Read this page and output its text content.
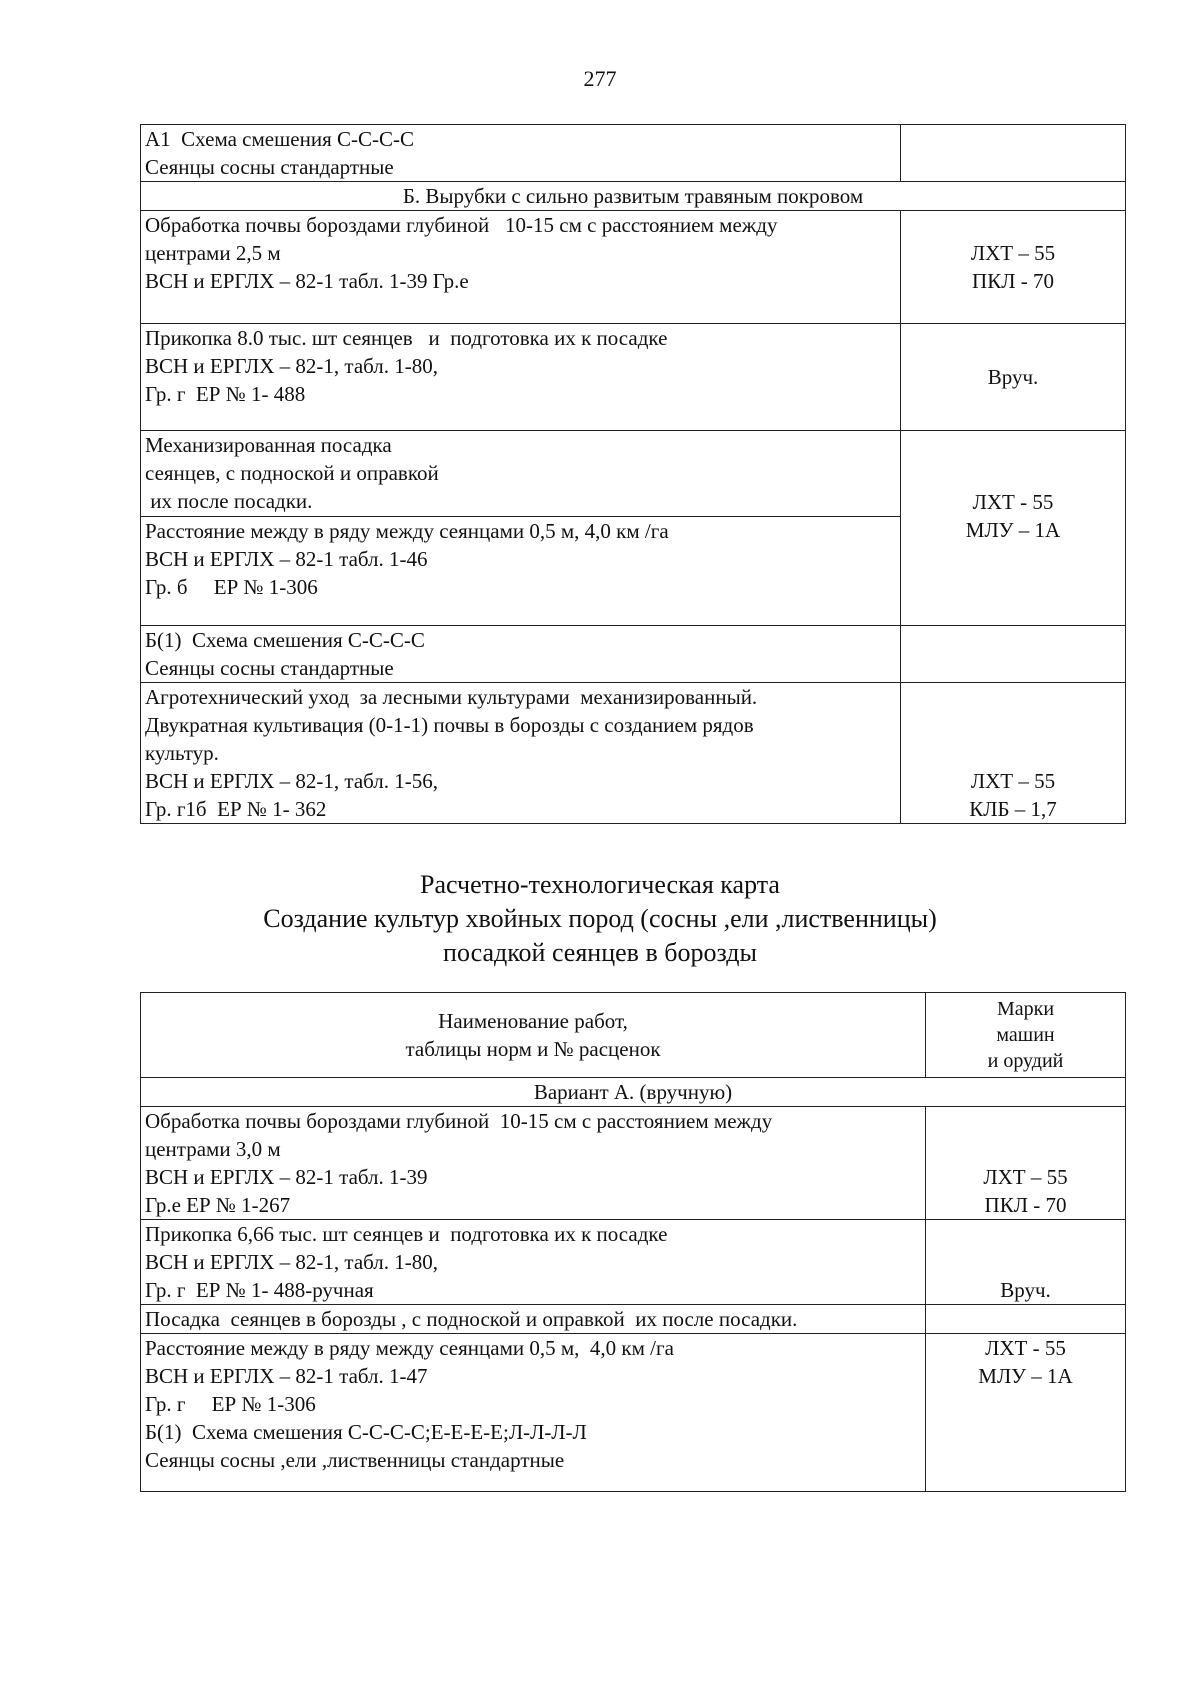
277
А1  Схема смешения С-С-С-С
Сеянцы сосны стандартные	

Б. Вырубки с сильно развитым травяным покровом	

Обработка почвы бороздами глубиной   10-15 см с расстоянием между
центрами 2,5 м
ВСН и ЕРГЛХ – 82-1 табл. 1-39 Гр.е	ЛХТ – 55
ПКЛ - 70

Прикопка 8.0 тыс. шт сеянцев   и  подготовка их к посадке
ВСН и ЕРГЛХ – 82-1, табл. 1-80,
Гр. г  ЕР № 1- 488	Вруч.

Механизированная посадка
сеянцев, с подноской и оправкой
их после посадки.	ЛХТ - 55
МЛУ – 1А

Расстояние между в ряду между сеянцами 0,5 м, 4,0 км /га
ВСН и ЕРГЛХ – 82-1 табл. 1-46
Гр. б     ЕР № 1-306	

Б(1)  Схема смешения С-С-С-С
Сеянцы сосны стандартные	

Агротехнический уход  за лесными культурами  механизированный.
Двукратная культивация (0-1-1) почвы в борозды с созданием рядов
культур.
ВСН и ЕРГЛХ – 82-1, табл. 1-56,
Гр. г1б  ЕР № 1- 362	ЛХТ – 55
КЛБ – 1,7
Расчетно-технологическая карта
Создание культур хвойных пород (сосны ,ели ,лиственницы)
посадкой сеянцев в борозды
Наименование работ,
таблицы норм и № расценок	Марки
машин
и орудий

Вариант А. (вручную)	

Обработка почвы бороздами глубиной  10-15 см с расстоянием между
центрами 3,0 м
ВСН и ЕРГЛХ – 82-1 табл. 1-39
Гр.е ЕР № 1-267	ЛХТ – 55
ПКЛ - 70

Прикопка 6,66 тыс. шт сеянцев и  подготовка их к посадке
ВСН и ЕРГЛХ – 82-1, табл. 1-80,
Гр. г  ЕР № 1- 488-ручная	Вруч.

Посадка  сеянцев в борозды , с подноской и оправкой  их после посадки.	

Расстояние между в ряду между сеянцами 0,5 м,  4,0 км /га
ВСН и ЕРГЛХ – 82-1 табл. 1-47
Гр. г     ЕР № 1-306
Б(1)  Схема смешения С-С-С-С;Е-Е-Е-Е;Л-Л-Л-Л
Сеянцы сосны ,ели ,лиственницы стандартные	ЛХТ - 55
МЛУ – 1А
